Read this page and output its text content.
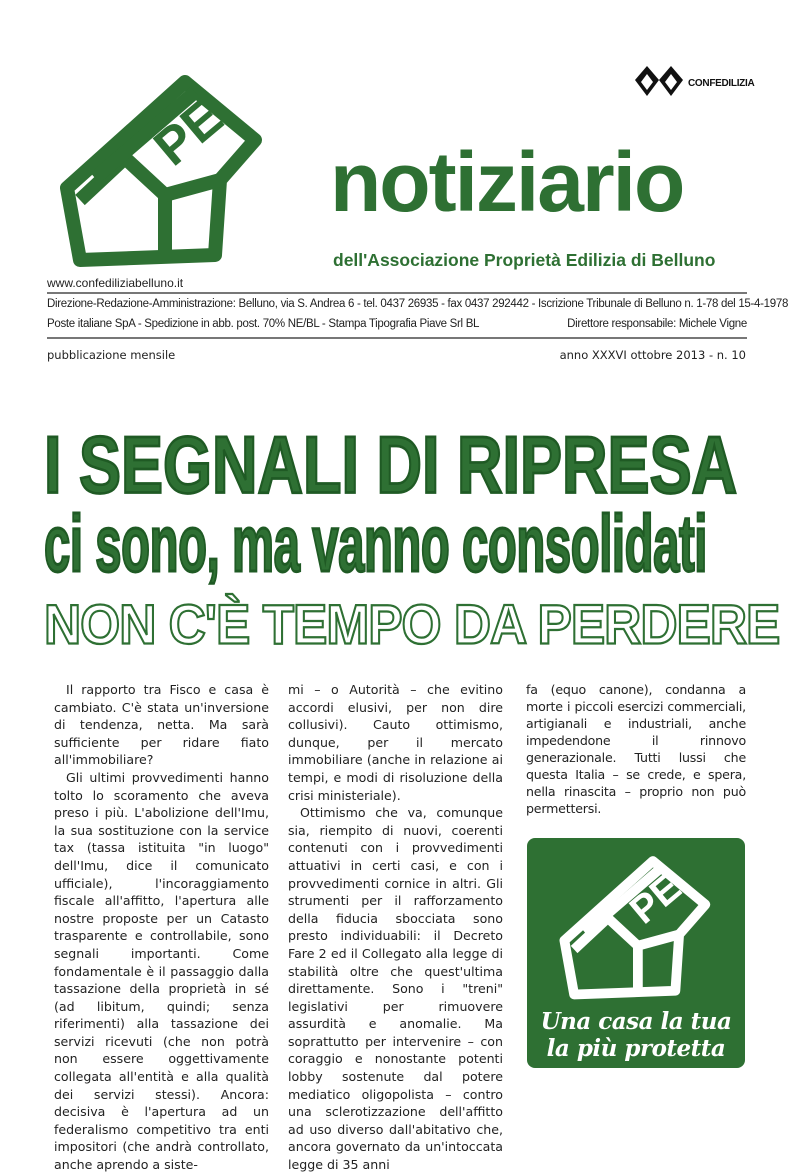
PE
CONFEDILIZIA
notiziario
dell'Associazione Proprietà Edilizia di Belluno
www.confediliziabelluno.it
Direzione-Redazione-Amministrazione: Belluno, via S. Andrea 6 - tel. 0437 26935 - fax 0437 292442 - Iscrizione Tribunale di Belluno n. 1-78 del 15-4-1978
Poste italiane SpA - Spedizione in abb. post. 70% NE/BL - Stampa Tipografia Piave Srl BL	Direttore responsabile: Michele Vigne
pubblicazione mensile	anno XXXVI ottobre 2013 - n. 10
I SEGNALI DI RIPRESA
ci sono, ma vanno consolidati
NON C'È TEMPO DA PERDERE

Il rapporto tra Fisco e casa è cambiato. C'è stata un'inversione di tendenza, netta. Ma sarà sufficiente per ridare fiato all'immobiliare?

Gli ultimi provvedimenti hanno tolto lo scoramento che aveva preso i più. L'abolizione dell'Imu, la sua sostituzione con la service tax (tassa istituita "in luogo" dell'Imu, dice il comunicato ufficiale), l'incoraggiamento fiscale all'affitto, l'apertura alle nostre proposte per un Catasto trasparente e controllabile, sono segnali importanti. Come fondamentale è il passaggio dalla tassazione della proprietà in sé (ad libitum, quindi; senza riferimenti) alla tassazione dei servizi ricevuti (che non potrà non essere oggettivamente collegata all'entità e alla qualità dei servizi stessi). Ancora: decisiva è l'apertura ad un federalismo competitivo tra enti impositori (che andrà controllato, anche aprendo a siste-

mi – o Autorità – che evitino accordi elusivi, per non dire collusivi). Cauto ottimismo, dunque, per il mercato immobiliare (anche in relazione ai tempi, e modi di risoluzione della crisi ministeriale).

Ottimismo che va, comunque sia, riempito di nuovi, coerenti contenuti con i provvedimenti attuativi in certi casi, e con i provvedimenti cornice in altri. Gli strumenti per il rafforzamento della fiducia sbocciata sono presto individuabili: il Decreto Fare 2 ed il Collegato alla legge di stabilità oltre che quest'ultima direttamente. Sono i "treni" legislativi per rimuovere assurdità e anomalie. Ma soprattutto per intervenire – con coraggio e nonostante potenti lobby sostenute dal potere mediatico oligopolista – contro una sclerotizzazione dell'affitto ad uso diverso dall'abitativo che, ancora governato da un'intoccata legge di 35 anni

fa (equo canone), condanna a morte i piccoli esercizi commerciali, artigianali e industriali, anche impedendone il rinnovo generazionale. Tutti lussi che questa Italia – se crede, e spera, nella rinascita – proprio non può permettersi.

PE
Una casa la tua
la più protetta
